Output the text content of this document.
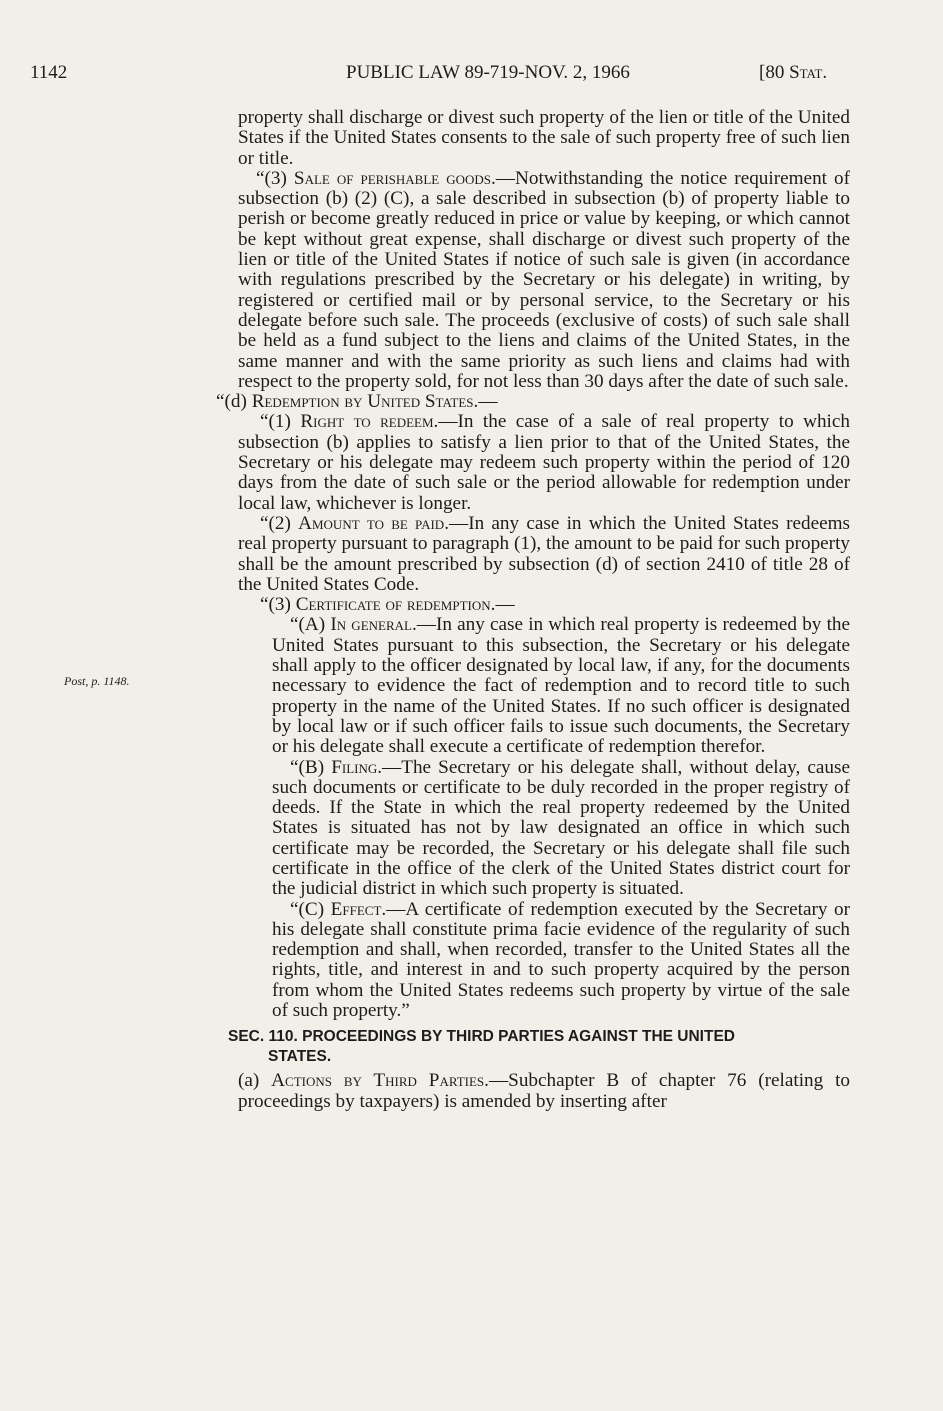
1142	PUBLIC LAW 89-719-NOV. 2, 1966	[80 Stat.
Post, p. 1148.

property shall discharge or divest such property of the lien or title of the United States if the United States consents to the sale of such property free of such lien or title.

“(3) Sale of perishable goods.—Notwithstanding the notice requirement of subsection (b) (2) (C), a sale described in subsection (b) of property liable to perish or become greatly reduced in price or value by keeping, or which cannot be kept without great expense, shall discharge or divest such property of the lien or title of the United States if notice of such sale is given (in accordance with regulations prescribed by the Secretary or his delegate) in writing, by registered or certified mail or by personal service, to the Secretary or his delegate before such sale. The proceeds (exclusive of costs) of such sale shall be held as a fund subject to the liens and claims of the United States, in the same manner and with the same priority as such liens and claims had with respect to the property sold, for not less than 30 days after the date of such sale.

“(d) Redemption by United States.—

“(1) Right to redeem.—In the case of a sale of real property to which subsection (b) applies to satisfy a lien prior to that of the United States, the Secretary or his delegate may redeem such property within the period of 120 days from the date of such sale or the period allowable for redemption under local law, whichever is longer.

“(2) Amount to be paid.—In any case in which the United States redeems real property pursuant to paragraph (1), the amount to be paid for such property shall be the amount prescribed by subsection (d) of section 2410 of title 28 of the United States Code.

“(3) Certificate of redemption.—

“(A) In general.—In any case in which real property is redeemed by the United States pursuant to this subsection, the Secretary or his delegate shall apply to the officer designated by local law, if any, for the documents necessary to evidence the fact of redemption and to record title to such property in the name of the United States. If no such officer is designated by local law or if such officer fails to issue such documents, the Secretary or his delegate shall execute a certificate of redemption therefor.

“(B) Filing.—The Secretary or his delegate shall, without delay, cause such documents or certificate to be duly recorded in the proper registry of deeds. If the State in which the real property redeemed by the United States is situated has not by law designated an office in which such certificate may be recorded, the Secretary or his delegate shall file such certificate in the office of the clerk of the United States district court for the judicial district in which such property is situated.

“(C) Effect.—A certificate of redemption executed by the Secretary or his delegate shall constitute prima facie evidence of the regularity of such redemption and shall, when recorded, transfer to the United States all the rights, title, and interest in and to such property acquired by the person from whom the United States redeems such property by virtue of the sale of such property.”

SEC. 110. PROCEEDINGS BY THIRD PARTIES AGAINST THE UNITED
STATES.

(a) Actions by Third Parties.—Subchapter B of chapter 76 (relating to proceedings by taxpayers) is amended by inserting after
